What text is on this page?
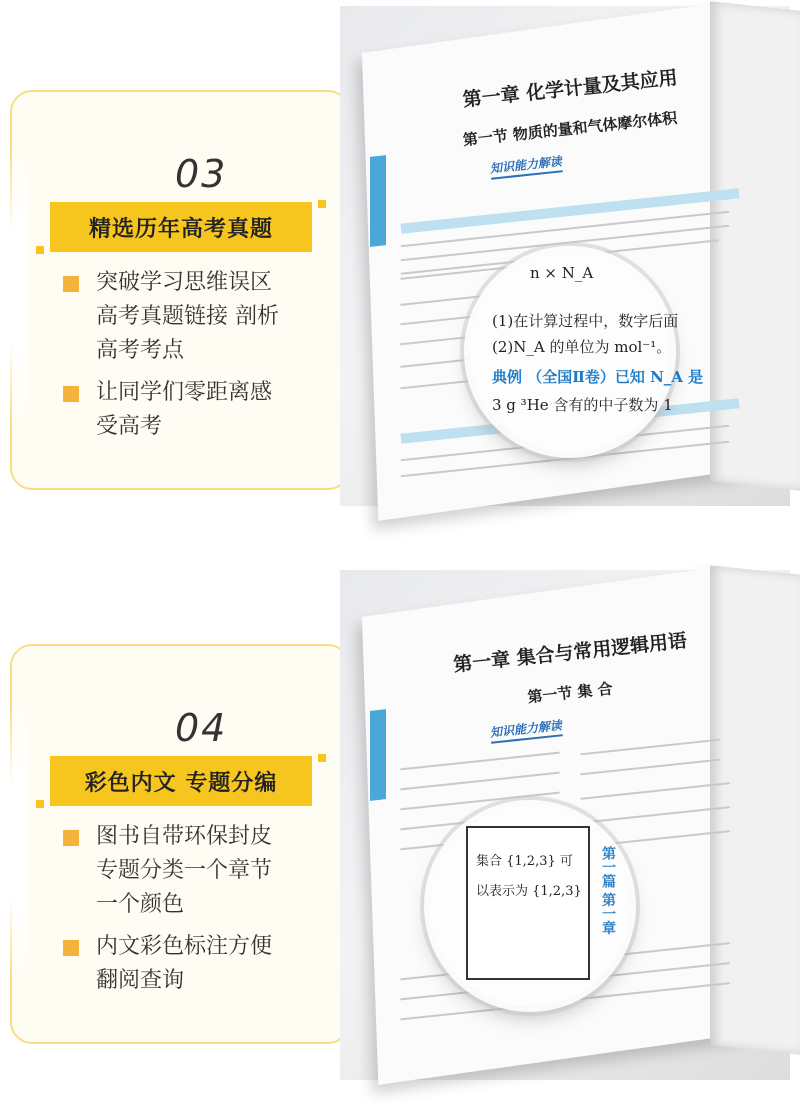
03
精选历年高考真题
突破学习思维误区
高考真题链接 剖析
高考考点
让同学们零距离感
受高考
第一章 化学计量及其应用
第一节 物质的量和气体摩尔体积
知识能力解读
n × N_A
(1)在计算过程中，数字后面
(2)N_A 的单位为 mol⁻¹。
典例 （全国Ⅱ卷）已知 N_A 是
3 g ³He 含有的中子数为 1
04
彩色内文 专题分编
图书自带环保封皮
专题分类一个章节
一个颜色
内文彩色标注方便
翻阅查询
第一章 集合与常用逻辑用语
第一节 集 合
知识能力解读
集合 {1,2,3} 可
以表示为 {1,2,3}
第一篇 第一章
